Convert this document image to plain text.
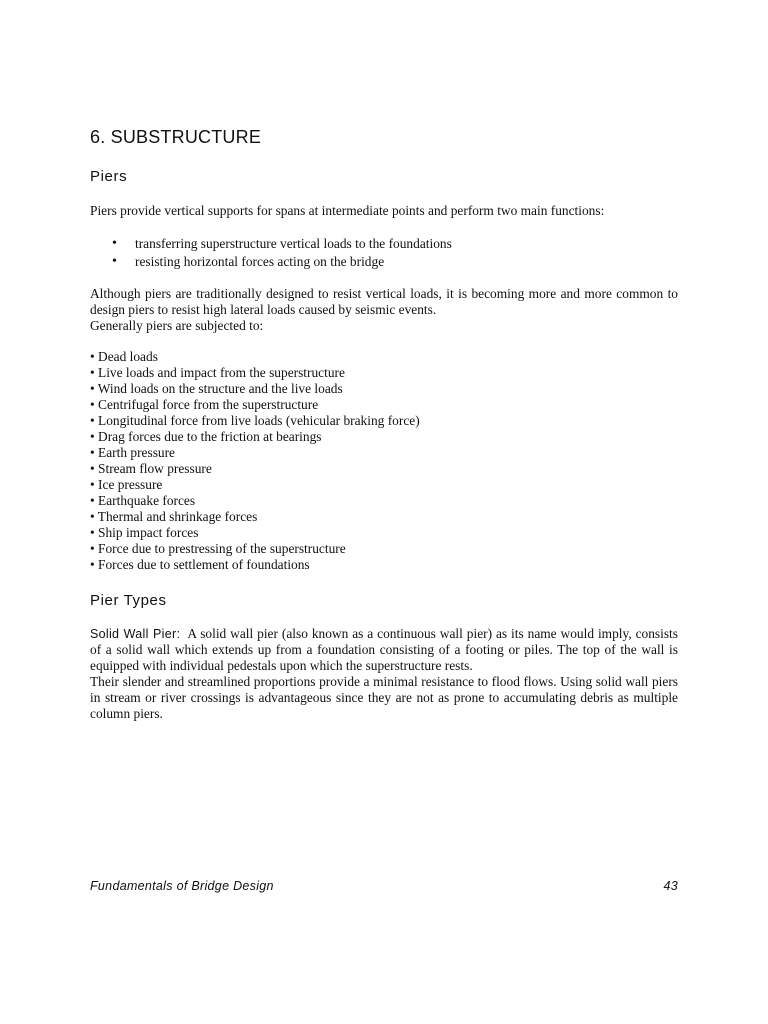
6. SUBSTRUCTURE
Piers

Piers provide vertical supports for spans at intermediate points and perform two main functions:

• transferring superstructure vertical loads to the foundations
• resisting horizontal forces acting on the bridge

Although piers are traditionally designed to resist vertical loads, it is becoming more and more common to design piers to resist high lateral loads caused by seismic events.

Generally piers are subjected to:

• Dead loads
• Live loads and impact from the superstructure
• Wind loads on the structure and the live loads
• Centrifugal force from the superstructure
• Longitudinal force from live loads (vehicular braking force)
• Drag forces due to the friction at bearings
• Earth pressure
• Stream flow pressure
• Ice pressure
• Earthquake forces
• Thermal and shrinkage forces
• Ship impact forces
• Force due to prestressing of the superstructure
• Forces due to settlement of foundations
Pier Types

Solid Wall Pier: A solid wall pier (also known as a continuous wall pier) as its name would imply, consists of a solid wall which extends up from a foundation consisting of a footing or piles. The top of the wall is equipped with individual pedestals upon which the superstructure rests.

Their slender and streamlined proportions provide a minimal resistance to flood flows. Using solid wall piers in stream or river crossings is advantageous since they are not as prone to accumulating debris as multiple column piers.

Fundamentals of Bridge Design	43
